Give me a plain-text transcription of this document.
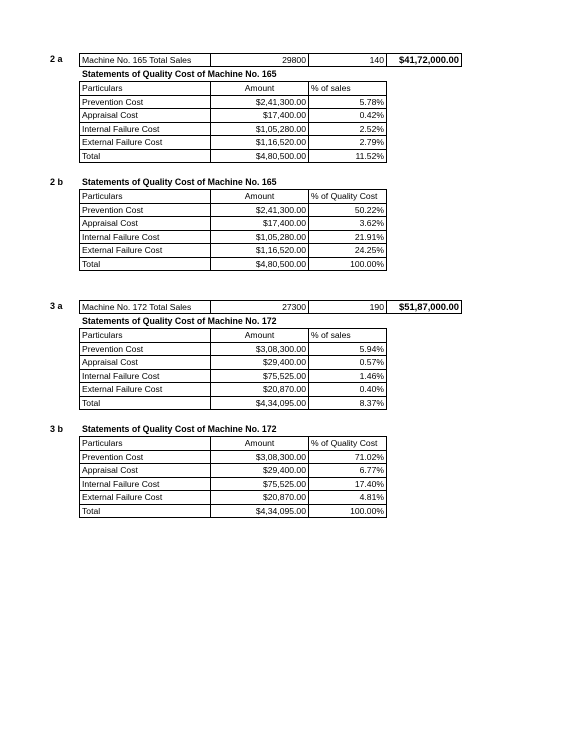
2 a Machine No. 165 Total Sales	29800	140	$41,72,000.00
Statements of Quality Cost of Machine No. 165
Particulars	Amount	% of sales
Prevention Cost	$2,41,300.00	5.78%
Appraisal Cost	$17,400.00	0.42%
Internal Failure Cost	$1,05,280.00	2.52%
External Failure Cost	$1,16,520.00	2.79%
Total	$4,80,500.00	11.52%
2 b Statements of Quality Cost of Machine No. 165
Particulars	Amount	% of Quality Cost
Prevention Cost	$2,41,300.00	50.22%
Appraisal Cost	$17,400.00	3.62%
Internal Failure Cost	$1,05,280.00	21.91%
External Failure Cost	$1,16,520.00	24.25%
Total	$4,80,500.00	100.00%
3 a Machine No. 172 Total Sales	27300	190	$51,87,000.00
Statements of Quality Cost of Machine No. 172
Particulars	Amount	% of sales
Prevention Cost	$3,08,300.00	5.94%
Appraisal Cost	$29,400.00	0.57%
Internal Failure Cost	$75,525.00	1.46%
External Failure Cost	$20,870.00	0.40%
Total	$4,34,095.00	8.37%
3 b Statements of Quality Cost of Machine No. 172
Particulars	Amount	% of Quality Cost
Prevention Cost	$3,08,300.00	71.02%
Appraisal Cost	$29,400.00	6.77%
Internal Failure Cost	$75,525.00	17.40%
External Failure Cost	$20,870.00	4.81%
Total	$4,34,095.00	100.00%
